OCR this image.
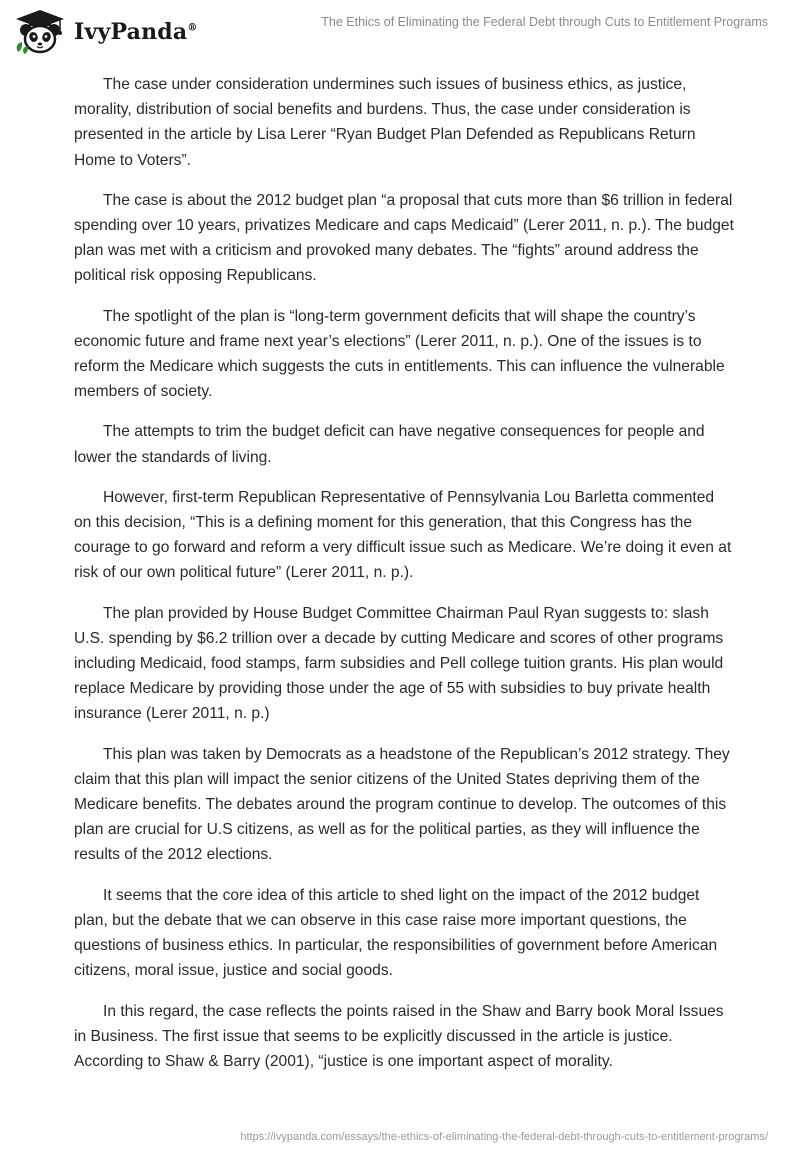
IvyPanda®	The Ethics of Eliminating the Federal Debt through Cuts to Entitlement Programs

The case under consideration undermines such issues of business ethics, as justice, morality, distribution of social benefits and burdens. Thus, the case under consideration is presented in the article by Lisa Lerer “Ryan Budget Plan Defended as Republicans Return Home to Voters”.

The case is about the 2012 budget plan “a proposal that cuts more than $6 trillion in federal spending over 10 years, privatizes Medicare and caps Medicaid” (Lerer 2011, n. p.). The budget plan was met with a criticism and provoked many debates. The “fights” around address the political risk opposing Republicans.

The spotlight of the plan is “long-term government deficits that will shape the country’s economic future and frame next year’s elections” (Lerer 2011, n. p.). One of the issues is to reform the Medicare which suggests the cuts in entitlements. This can influence the vulnerable members of society.

The attempts to trim the budget deficit can have negative consequences for people and lower the standards of living.

However, first-term Republican Representative of Pennsylvania Lou Barletta commented on this decision, “This is a defining moment for this generation, that this Congress has the courage to go forward and reform a very difficult issue such as Medicare. We’re doing it even at risk of our own political future” (Lerer 2011, n. p.).

The plan provided by House Budget Committee Chairman Paul Ryan suggests to: slash U.S. spending by $6.2 trillion over a decade by cutting Medicare and scores of other programs including Medicaid, food stamps, farm subsidies and Pell college tuition grants. His plan would replace Medicare by providing those under the age of 55 with subsidies to buy private health insurance (Lerer 2011, n. p.)

This plan was taken by Democrats as a headstone of the Republican’s 2012 strategy. They claim that this plan will impact the senior citizens of the United States depriving them of the Medicare benefits. The debates around the program continue to develop. The outcomes of this plan are crucial for U.S citizens, as well as for the political parties, as they will influence the results of the 2012 elections.

It seems that the core idea of this article to shed light on the impact of the 2012 budget plan, but the debate that we can observe in this case raise more important questions, the questions of business ethics. In particular, the responsibilities of government before American citizens, moral issue, justice and social goods.

In this regard, the case reflects the points raised in the Shaw and Barry book Moral Issues in Business. The first issue that seems to be explicitly discussed in the article is justice. According to Shaw & Barry (2001), “justice is one important aspect of morality.

https://ivypanda.com/essays/the-ethics-of-eliminating-the-federal-debt-through-cuts-to-entitlement-programs/
